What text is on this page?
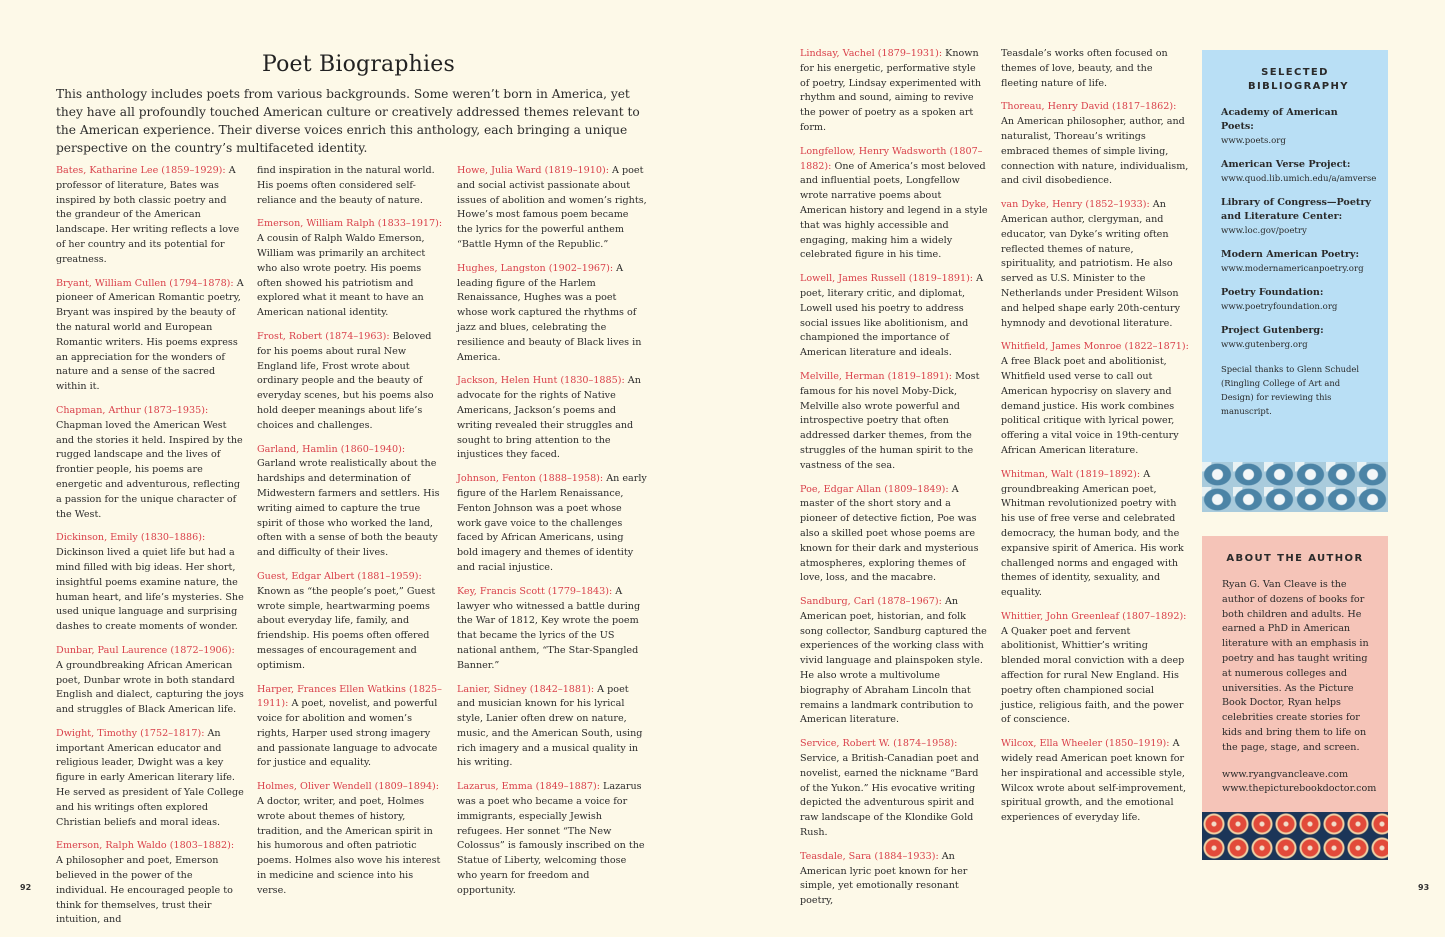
Poet Biographies

This anthology includes poets from various backgrounds. Some weren’t born in America, yet they have all profoundly touched American culture or creatively addressed themes relevant to the American experience. Their diverse voices enrich this anthology, each bringing a unique perspective on the country’s multifaceted identity.

Bates, Katharine Lee (1859–1929): A professor of literature, Bates was inspired by both classic poetry and the grandeur of the American landscape. Her writing reflects a love of her country and its potential for greatness.

Bryant, William Cullen (1794–1878): A pioneer of American Romantic poetry, Bryant was inspired by the beauty of the natural world and European Romantic writers. His poems express an appreciation for the wonders of nature and a sense of the sacred within it.

Chapman, Arthur (1873–1935): Chapman loved the American West and the stories it held. Inspired by the rugged landscape and the lives of frontier people, his poems are energetic and adventurous, reflecting a passion for the unique character of the West.

Dickinson, Emily (1830–1886): Dickinson lived a quiet life but had a mind filled with big ideas. Her short, insightful poems examine nature, the human heart, and life’s mysteries. She used unique language and surprising dashes to create moments of wonder.

Dunbar, Paul Laurence (1872–1906): A groundbreaking African American poet, Dunbar wrote in both standard English and dialect, capturing the joys and struggles of Black American life.

Dwight, Timothy (1752–1817): An important American educator and religious leader, Dwight was a key figure in early American literary life. He served as president of Yale College and his writings often explored Christian beliefs and moral ideas.

Emerson, Ralph Waldo (1803–1882): A philosopher and poet, Emerson believed in the power of the individual. He encouraged people to think for themselves, trust their intuition, and

find inspiration in the natural world. His poems often considered self-reliance and the beauty of nature.

Emerson, William Ralph (1833–1917): A cousin of Ralph Waldo Emerson, William was primarily an architect who also wrote poetry. His poems often showed his patriotism and explored what it meant to have an American national identity.

Frost, Robert (1874–1963): Beloved for his poems about rural New England life, Frost wrote about ordinary people and the beauty of everyday scenes, but his poems also hold deeper meanings about life’s choices and challenges.

Garland, Hamlin (1860–1940): Garland wrote realistically about the hardships and determination of Midwestern farmers and settlers. His writing aimed to capture the true spirit of those who worked the land, often with a sense of both the beauty and difficulty of their lives.

Guest, Edgar Albert (1881–1959): Known as “the people’s poet,” Guest wrote simple, heartwarming poems about everyday life, family, and friendship. His poems often offered messages of encouragement and optimism.

Harper, Frances Ellen Watkins (1825–1911): A poet, novelist, and powerful voice for abolition and women’s rights, Harper used strong imagery and passionate language to advocate for justice and equality.

Holmes, Oliver Wendell (1809–1894): A doctor, writer, and poet, Holmes wrote about themes of history, tradition, and the American spirit in his humorous and often patriotic poems. Holmes also wove his interest in medicine and science into his verse.

Howe, Julia Ward (1819–1910): A poet and social activist passionate about issues of abolition and women’s rights, Howe’s most famous poem became the lyrics for the powerful anthem “Battle Hymn of the Republic.”

Hughes, Langston (1902–1967): A leading figure of the Harlem Renaissance, Hughes was a poet whose work captured the rhythms of jazz and blues, celebrating the resilience and beauty of Black lives in America.

Jackson, Helen Hunt (1830–1885): An advocate for the rights of Native Americans, Jackson’s poems and writing revealed their struggles and sought to bring attention to the injustices they faced.

Johnson, Fenton (1888–1958): An early figure of the Harlem Renaissance, Fenton Johnson was a poet whose work gave voice to the challenges faced by African Americans, using bold imagery and themes of identity and racial injustice.

Key, Francis Scott (1779–1843): A lawyer who witnessed a battle during the War of 1812, Key wrote the poem that became the lyrics of the US national anthem, “The Star-Spangled Banner.”

Lanier, Sidney (1842–1881): A poet and musician known for his lyrical style, Lanier often drew on nature, music, and the American South, using rich imagery and a musical quality in his writing.

Lazarus, Emma (1849–1887): Lazarus was a poet who became a voice for immigrants, especially Jewish refugees. Her sonnet “The New Colossus” is famously inscribed on the Statue of Liberty, welcoming those who yearn for freedom and opportunity.

Lindsay, Vachel (1879–1931): Known for his energetic, performative style of poetry, Lindsay experimented with rhythm and sound, aiming to revive the power of poetry as a spoken art form.

Longfellow, Henry Wadsworth (1807–1882): One of America’s most beloved and influential poets, Longfellow wrote narrative poems about American history and legend in a style that was highly accessible and engaging, making him a widely celebrated figure in his time.

Lowell, James Russell (1819–1891): A poet, literary critic, and diplomat, Lowell used his poetry to address social issues like abolitionism, and championed the importance of American literature and ideals.

Melville, Herman (1819–1891): Most famous for his novel Moby-Dick, Melville also wrote powerful and introspective poetry that often addressed darker themes, from the struggles of the human spirit to the vastness of the sea.

Poe, Edgar Allan (1809–1849): A master of the short story and a pioneer of detective fiction, Poe was also a skilled poet whose poems are known for their dark and mysterious atmospheres, exploring themes of love, loss, and the macabre.

Sandburg, Carl (1878–1967): An American poet, historian, and folk song collector, Sandburg captured the experiences of the working class with vivid language and plainspoken style. He also wrote a multivolume biography of Abraham Lincoln that remains a landmark contribution to American literature.

Service, Robert W. (1874–1958): Service, a British-Canadian poet and novelist, earned the nickname “Bard of the Yukon.” His evocative writing depicted the adventurous spirit and raw landscape of the Klondike Gold Rush.

Teasdale, Sara (1884–1933): An American lyric poet known for her simple, yet emotionally resonant poetry,

Teasdale’s works often focused on themes of love, beauty, and the fleeting nature of life.

Thoreau, Henry David (1817–1862): An American philosopher, author, and naturalist, Thoreau’s writings embraced themes of simple living, connection with nature, individualism, and civil disobedience.

van Dyke, Henry (1852–1933): An American author, clergyman, and educator, van Dyke’s writing often reflected themes of nature, spirituality, and patriotism. He also served as U.S. Minister to the Netherlands under President Wilson and helped shape early 20th-century hymnody and devotional literature.

Whitfield, James Monroe (1822–1871): A free Black poet and abolitionist, Whitfield used verse to call out American hypocrisy on slavery and demand justice. His work combines political critique with lyrical power, offering a vital voice in 19th-century African American literature.

Whitman, Walt (1819–1892): A groundbreaking American poet, Whitman revolutionized poetry with his use of free verse and celebrated democracy, the human body, and the expansive spirit of America. His work challenged norms and engaged with themes of identity, sexuality, and equality.

Whittier, John Greenleaf (1807–1892): A Quaker poet and fervent abolitionist, Whittier’s writing blended moral conviction with a deep affection for rural New England. His poetry often championed social justice, religious faith, and the power of conscience.

Wilcox, Ella Wheeler (1850–1919): A widely read American poet known for her inspirational and accessible style, Wilcox wrote about self-improvement, spiritual growth, and the emotional experiences of everyday life.

SELECTED BIBLIOGRAPHY
Academy of American Poets:
www.poets.org
American Verse Project:
www.quod.lib.umich.edu/a/amverse
Library of Congress—Poetry and Literature Center:
www.loc.gov/poetry
Modern American Poetry:
www.modernamericanpoetry.org
Poetry Foundation:
www.poetryfoundation.org
Project Gutenberg:
www.gutenberg.org
Special thanks to Glenn Schudel (Ringling College of Art and Design) for reviewing this manuscript.
ABOUT THE AUTHOR
Ryan G. Van Cleave is the author of dozens of books for both children and adults. He earned a PhD in American literature with an emphasis in poetry and has taught writing at numerous colleges and universities. As the Picture Book Doctor, Ryan helps celebrities create stories for kids and bring them to life on the page, stage, and screen.
www.ryangvancleave.com
www.thepicturebookdoctor.com
92	93
